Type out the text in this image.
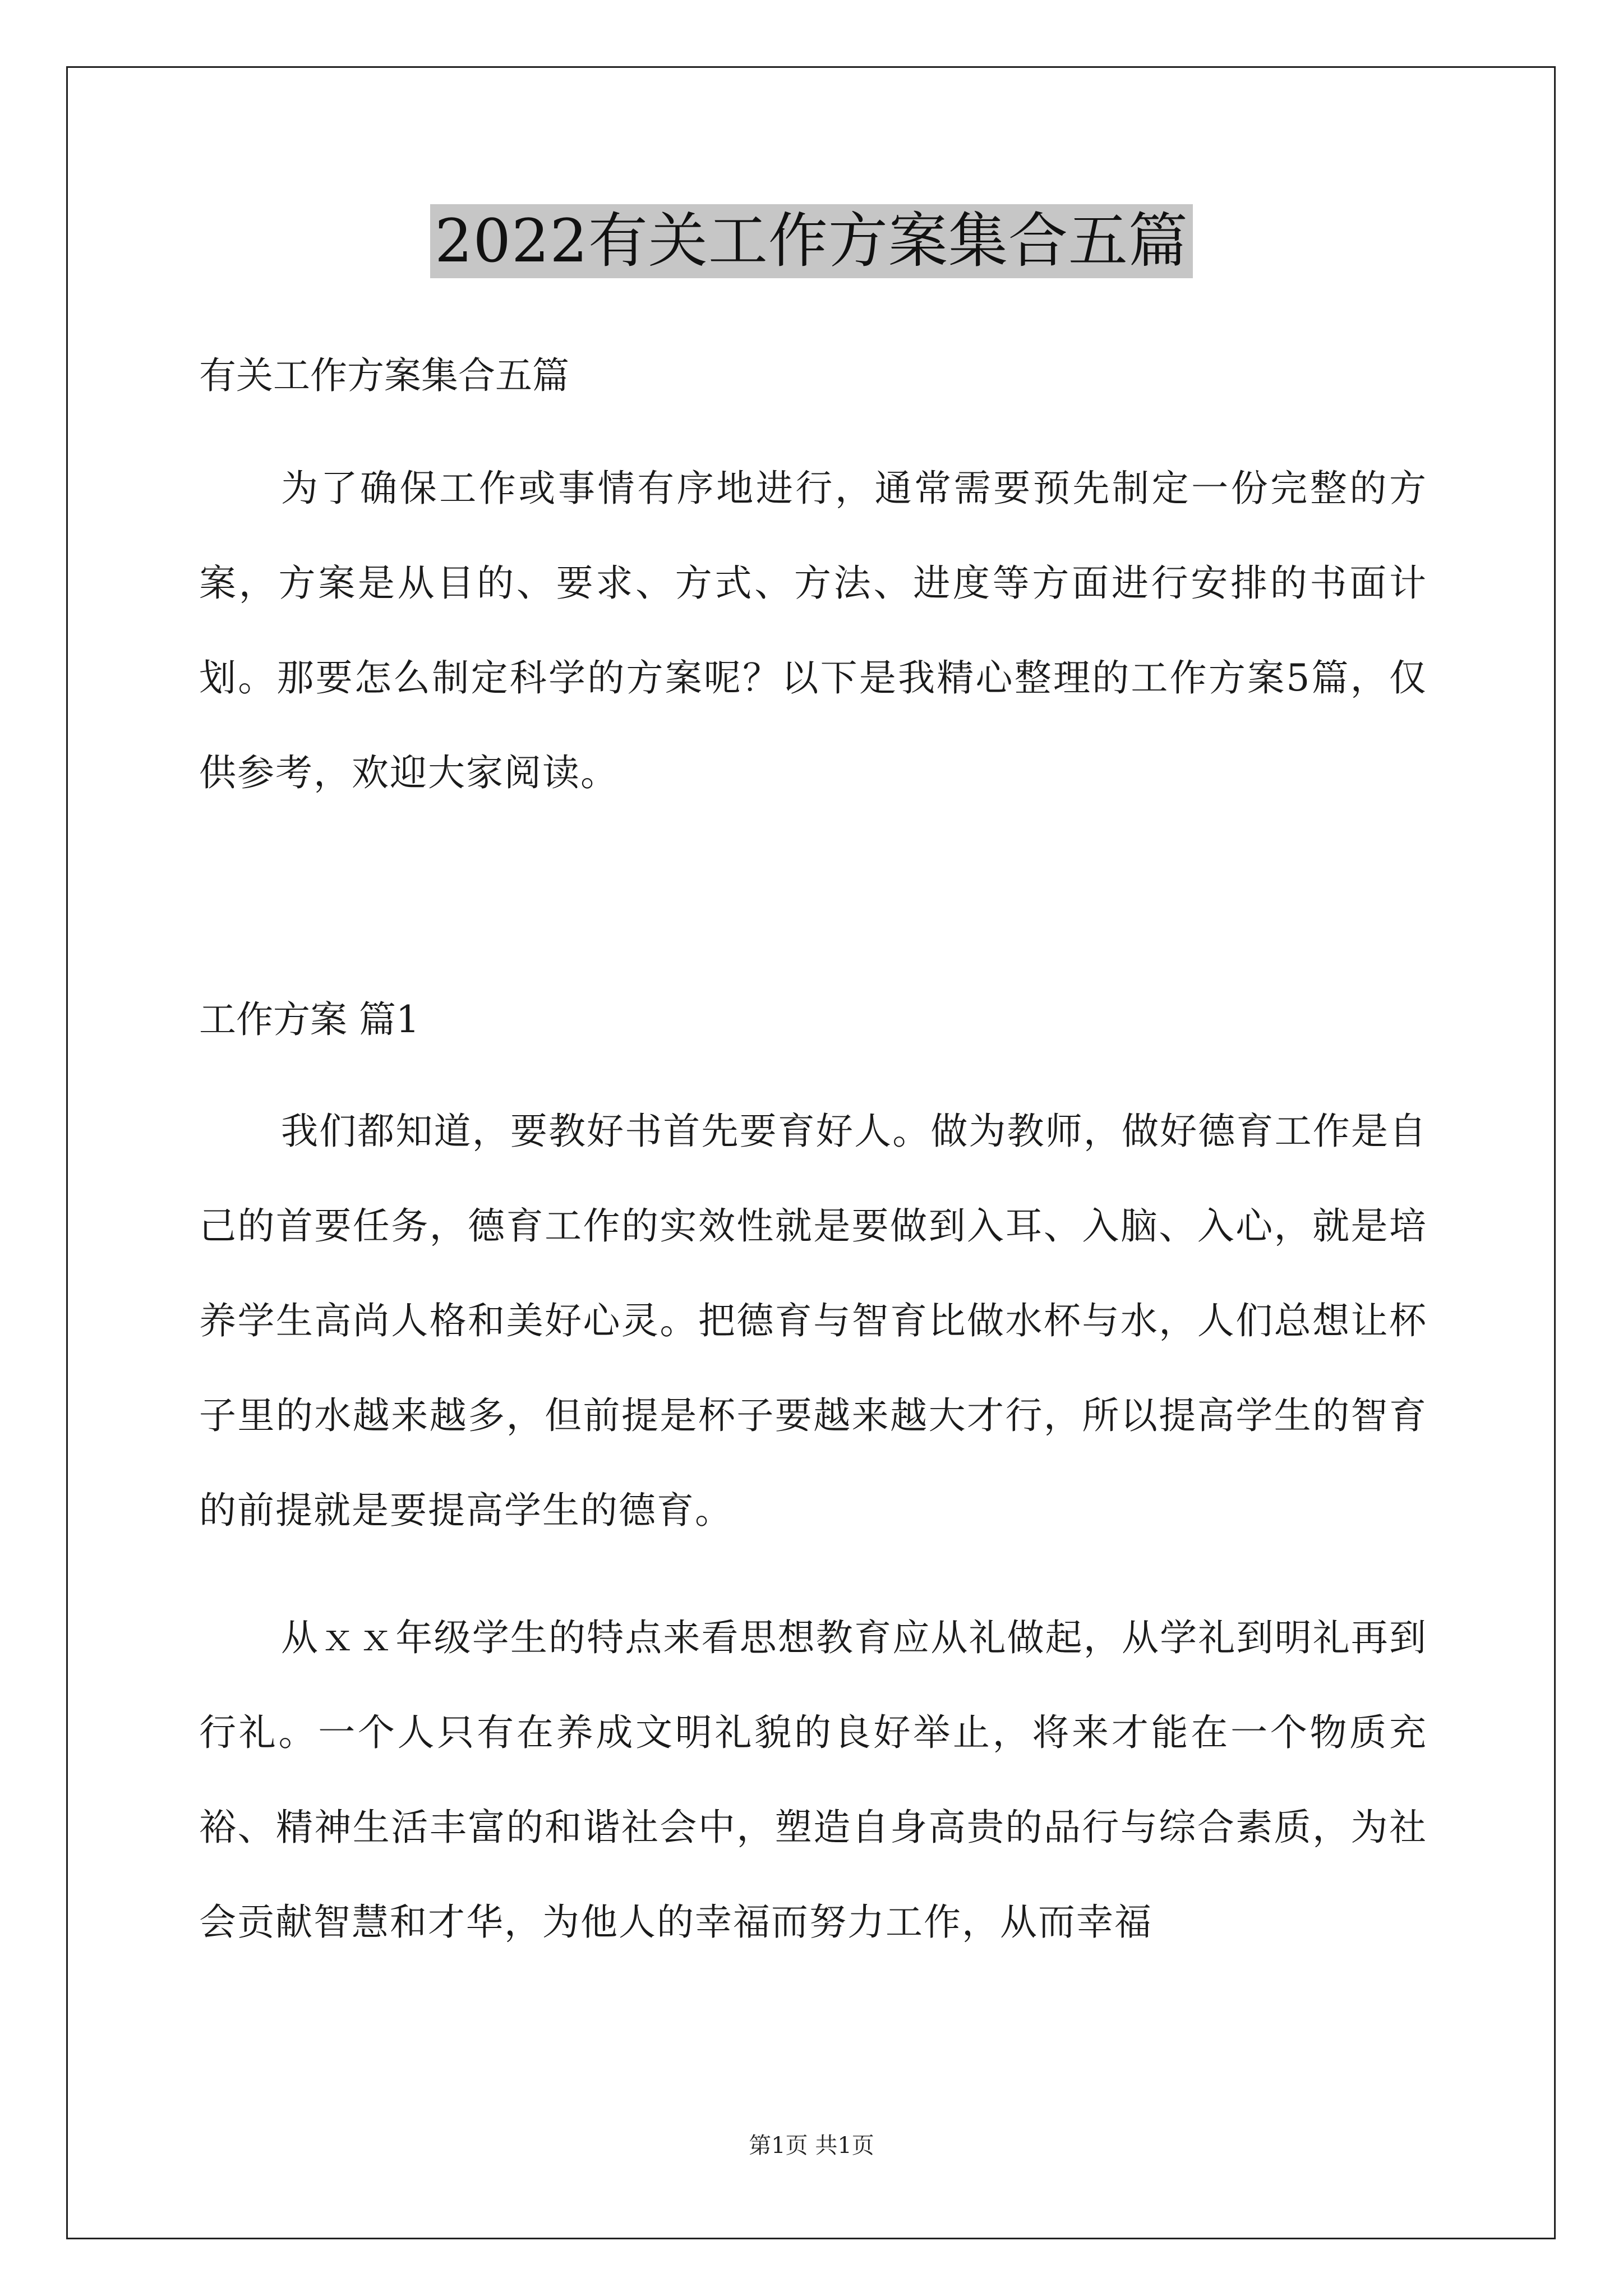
2022有关工作方案集合五篇
有关工作方案集合五篇
为了确保工作或事情有序地进行，通常需要预先制定一份完整的方案，方案是从目的、要求、方式、方法、进度等方面进行安排的书面计划。那要怎么制定科学的方案呢？以下是我精心整理的工作方案5篇，仅供参考，欢迎大家阅读。
工作方案 篇1
我们都知道，要教好书首先要育好人。做为教师，做好德育工作是自己的首要任务，德育工作的实效性就是要做到入耳、入脑、入心，就是培养学生高尚人格和美好心灵。把德育与智育比做水杯与水，人们总想让杯子里的水越来越多，但前提是杯子要越来越大才行，所以提高学生的智育的前提就是要提高学生的德育。
从ｘｘ年级学生的特点来看思想教育应从礼做起，从学礼到明礼再到行礼。一个人只有在养成文明礼貌的良好举止，将来才能在一个物质充裕、精神生活丰富的和谐社会中，塑造自身高贵的品行与综合素质，为社会贡献智慧和才华，为他人的幸福而努力工作，从而幸福
第1页 共1页
